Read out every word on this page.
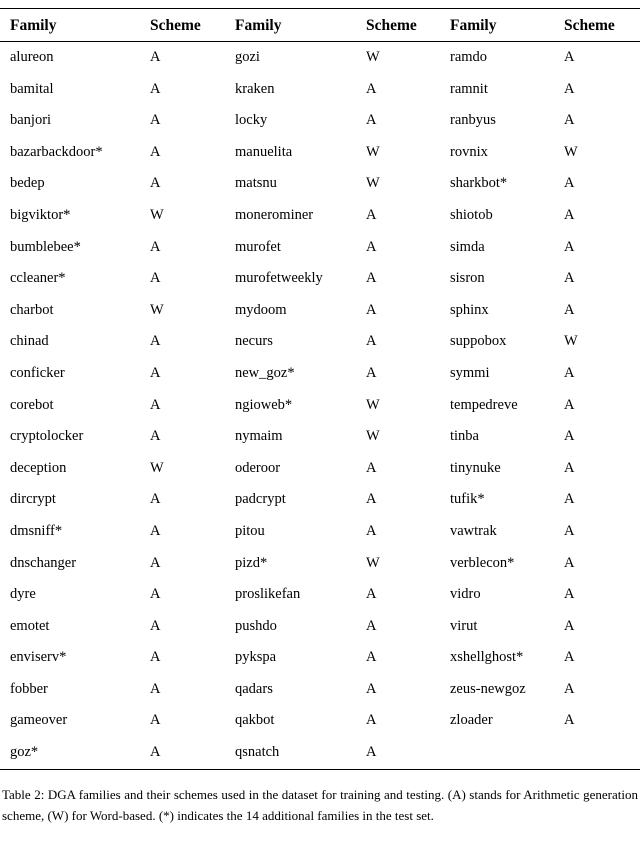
Family	Scheme	Family	Scheme	Family	Scheme
alureon	A	gozi	W	ramdo	A
bamital	A	kraken	A	ramnit	A
banjori	A	locky	A	ranbyus	A
bazarbackdoor*	A	manuelita	W	rovnix	W
bedep	A	matsnu	W	sharkbot*	A
bigviktor*	W	monerominer	A	shiotob	A
bumblebee*	A	murofet	A	simda	A
ccleaner*	A	murofetweekly	A	sisron	A
charbot	W	mydoom	A	sphinx	A
chinad	A	necurs	A	suppobox	W
conficker	A	new_goz*	A	symmi	A
corebot	A	ngioweb*	W	tempedreve	A
cryptolocker	A	nymaim	W	tinba	A
deception	W	oderoor	A	tinynuke	A
dircrypt	A	padcrypt	A	tufik*	A
dmsniff*	A	pitou	A	vawtrak	A
dnschanger	A	pizd*	W	verblecon*	A
dyre	A	proslikefan	A	vidro	A
emotet	A	pushdo	A	virut	A
enviserv*	A	pykspa	A	xshellghost*	A
fobber	A	qadars	A	zeus-newgoz	A
gameover	A	qakbot	A	zloader	A
goz*	A	qsnatch	A
Table 2: DGA families and their schemes used in the dataset for training and testing. (A) stands for Arithmetic generation scheme, (W) for Word-based. (*) indicates the 14 additional families in the test set.
